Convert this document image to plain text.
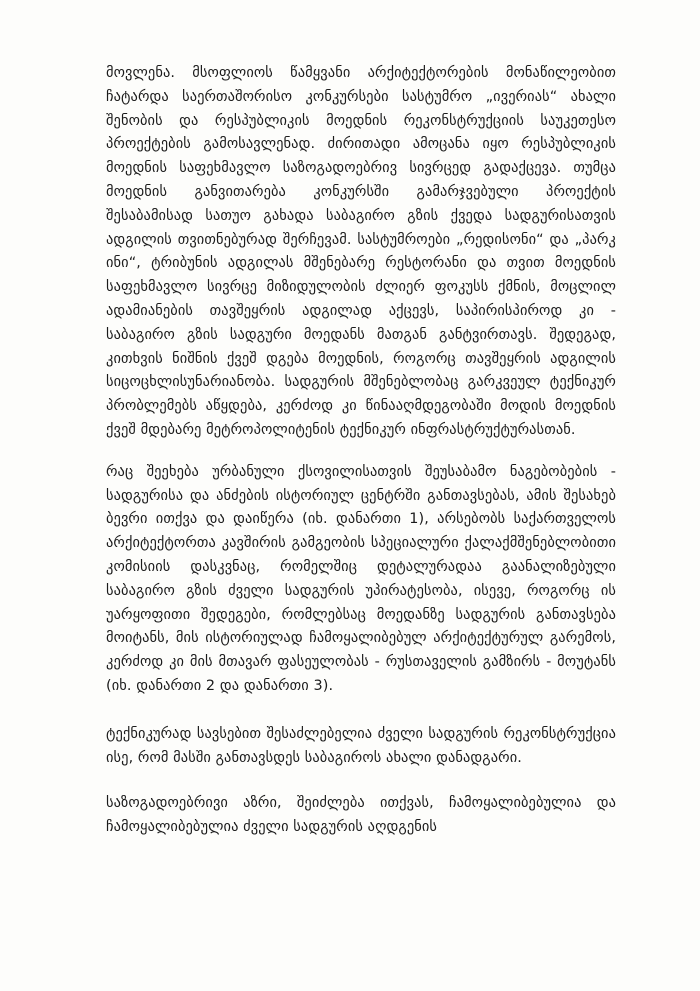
მოვლენა. მსოფლიოს წამყვანი არქიტექტორების მონაწილეობით ჩატარდა საერთაშორისო კონკურსები სასტუმრო „ივერიას“ ახალი შენობის და რესპუბლიკის მოედნის რეკონსტრუქციის საუკეთესო პროექტების გამოსავლენად. ძირითადი ამოცანა იყო რესპუბლიკის მოედნის საფეხმავლო საზოგადოებრივ სივრცედ გადაქცევა. თუმცა მოედნის განვითარება კონკურსში გამარჯვებული პროექტის შესაბამისად სათუო გახადა საბაგირო გზის ქვედა სადგურისათვის ადგილის თვითნებურად შერჩევამ. სასტუმროები „რედისონი“ და „პარკ ინი“, ტრიბუნის ადგილას მშენებარე რესტორანი და თვით მოედნის საფეხმავლო სივრცე მიზიდულობის ძლიერ ფოკუსს ქმნის, მოცლილ ადამიანების თავშეყრის ადგილად აქცევს, საპირისპიროდ კი - საბაგირო გზის სადგური მოედანს მათგან განტვირთავს. შედეგად, კითხვის ნიშნის ქვეშ დგება მოედნის, როგორც თავშეყრის ადგილის სიცოცხლისუნარიანობა. სადგურის მშენებლობაც გარკვეულ ტექნიკურ პრობლემებს აწყდება, კერძოდ კი წინააღმდეგობაში მოდის მოედნის ქვეშ მდებარე მეტროპოლიტენის ტექნიკურ ინფრასტრუქტურასთან.

რაც შეეხება ურბანული ქსოვილისათვის შეუსაბამო ნაგებობების - სადგურისა და ანძების ისტორიულ ცენტრში განთავსებას, ამის შესახებ ბევრი ითქვა და დაიწერა (იხ. დანართი 1), არსებობს საქართველოს არქიტექტორთა კავშირის გამგეობის სპეციალური ქალაქმშენებლობითი კომისიის დასკვნაც, რომელშიც დეტალურადაა გაანალიზებული საბაგირო გზის ძველი სადგურის უპირატესობა, ისევე, როგორც ის უარყოფითი შედეგები, რომლებსაც მოედანზე სადგურის განთავსება მოიტანს, მის ისტორიულად ჩამოყალიბებულ არქიტექტურულ გარემოს, კერძოდ კი მის მთავარ ფასეულობას - რუსთაველის გამზირს - მოუტანს (იხ. დანართი 2 და დანართი 3).

ტექნიკურად სავსებით შესაძლებელია ძველი სადგურის რეკონსტრუქცია ისე, რომ მასში განთავსდეს საბაგიროს ახალი დანადგარი.

საზოგადოებრივი აზრი, შეიძლება ითქვას, ჩამოყალიბებულია და ჩამოყალიბებულია ძველი სადგურის აღდგენის
